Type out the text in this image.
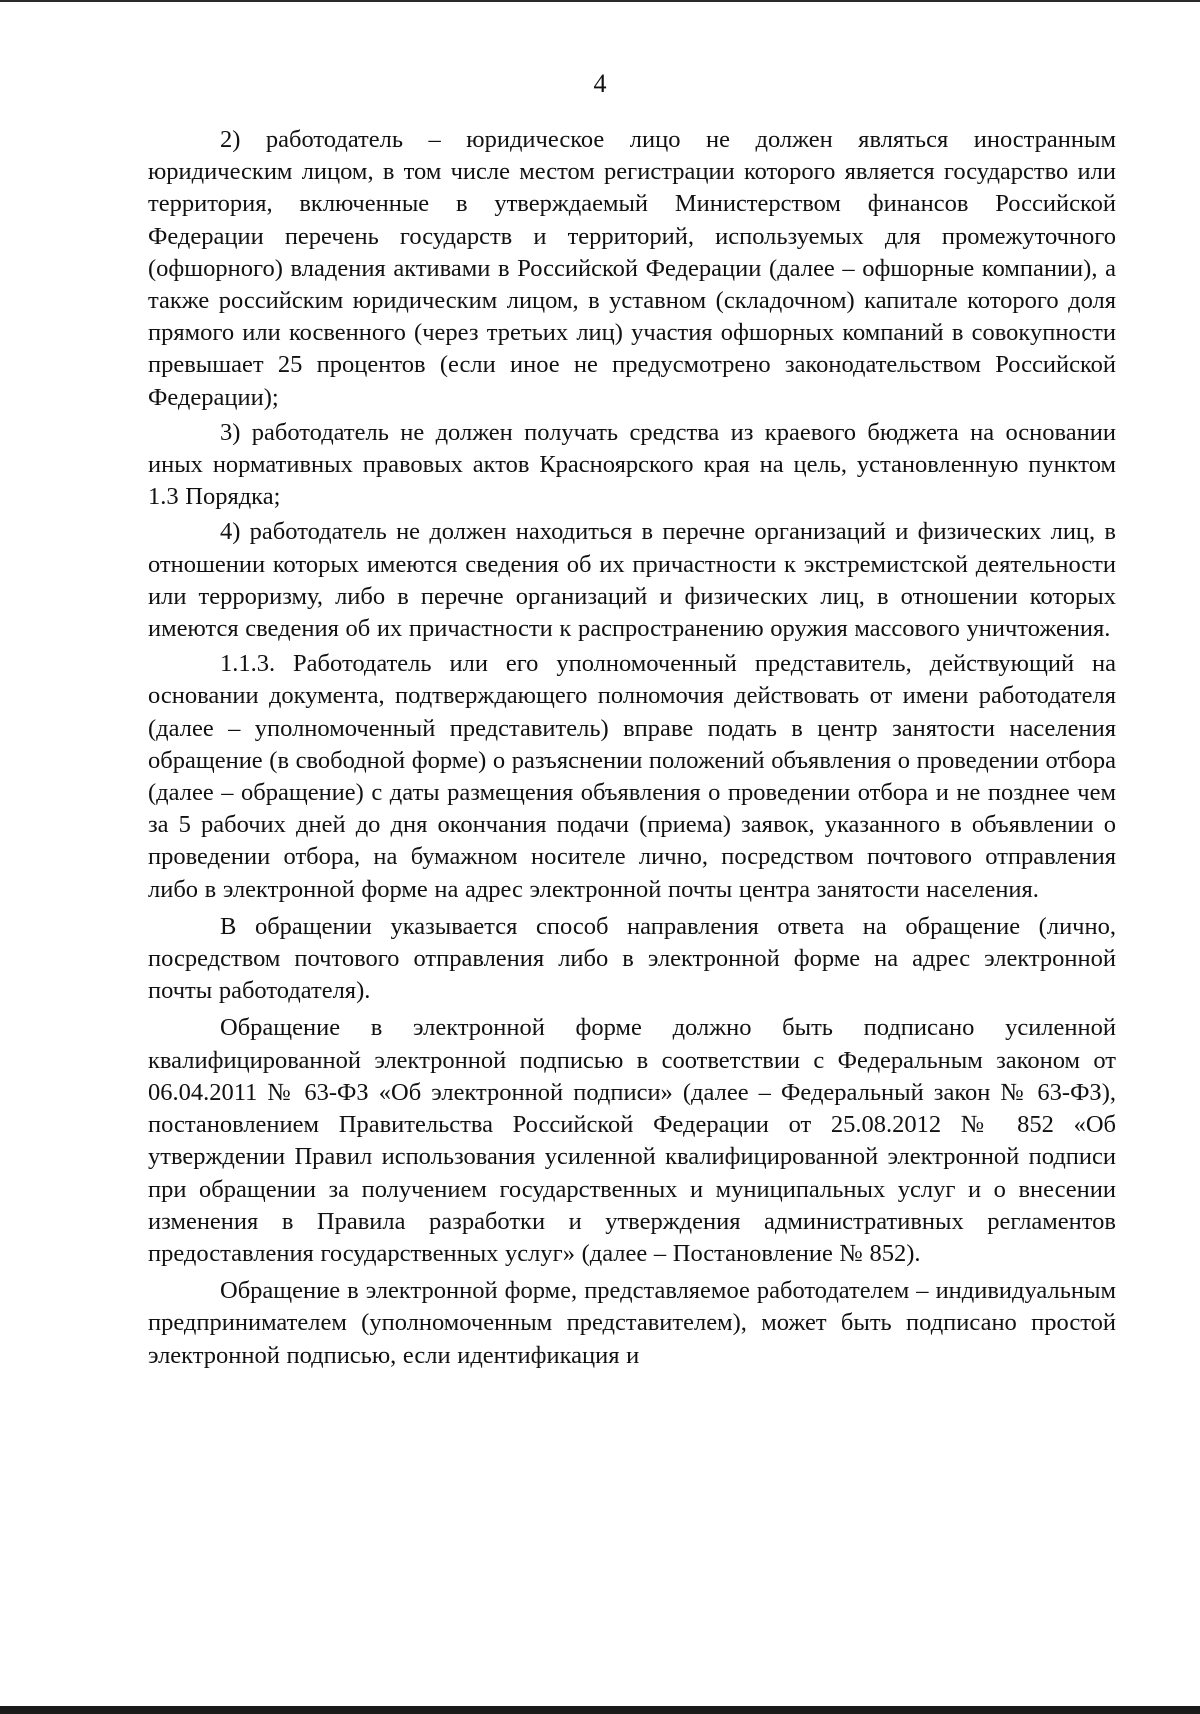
4

2) работодатель – юридическое лицо не должен являться иностранным юридическим лицом, в том числе местом регистрации которого является государство или территория, включенные в утверждаемый Министерством финансов Российской Федерации перечень государств и территорий, используемых для промежуточного (офшорного) владения активами в Российской Федерации (далее – офшорные компании), а также российским юридическим лицом, в уставном (складочном) капитале которого доля прямого или косвенного (через третьих лиц) участия офшорных компаний в совокупности превышает 25 процентов (если иное не предусмотрено законодательством Российской Федерации);

3) работодатель не должен получать средства из краевого бюджета на основании иных нормативных правовых актов Красноярского края на цель, установленную пунктом 1.3 Порядка;

4) работодатель не должен находиться в перечне организаций и физических лиц, в отношении которых имеются сведения об их причастности к экстремистской деятельности или терроризму, либо в перечне организаций и физических лиц, в отношении которых имеются сведения об их причастности к распространению оружия массового уничтожения.

1.1.3. Работодатель или его уполномоченный представитель, действующий на основании документа, подтверждающего полномочия действовать от имени работодателя (далее – уполномоченный представитель) вправе подать в центр занятости населения обращение (в свободной форме) о разъяснении положений объявления о проведении отбора (далее – обращение) с даты размещения объявления о проведении отбора и не позднее чем за 5 рабочих дней до дня окончания подачи (приема) заявок, указанного в объявлении о проведении отбора, на бумажном носителе лично, посредством почтового отправления либо в электронной форме на адрес электронной почты центра занятости населения.

В обращении указывается способ направления ответа на обращение (лично, посредством почтового отправления либо в электронной форме на адрес электронной почты работодателя).

Обращение в электронной форме должно быть подписано усиленной квалифицированной электронной подписью в соответствии с Федеральным законом от 06.04.2011 № 63-ФЗ «Об электронной подписи» (далее – Федеральный закон № 63-ФЗ), постановлением Правительства Российской Федерации от 25.08.2012 № 852 «Об утверждении Правил использования усиленной квалифицированной электронной подписи при обращении за получением государственных и муниципальных услуг и о внесении изменения в Правила разработки и утверждения административных регламентов предоставления государственных услуг» (далее – Постановление № 852).

Обращение в электронной форме, представляемое работодателем – индивидуальным предпринимателем (уполномоченным представителем), может быть подписано простой электронной подписью, если идентификация и
